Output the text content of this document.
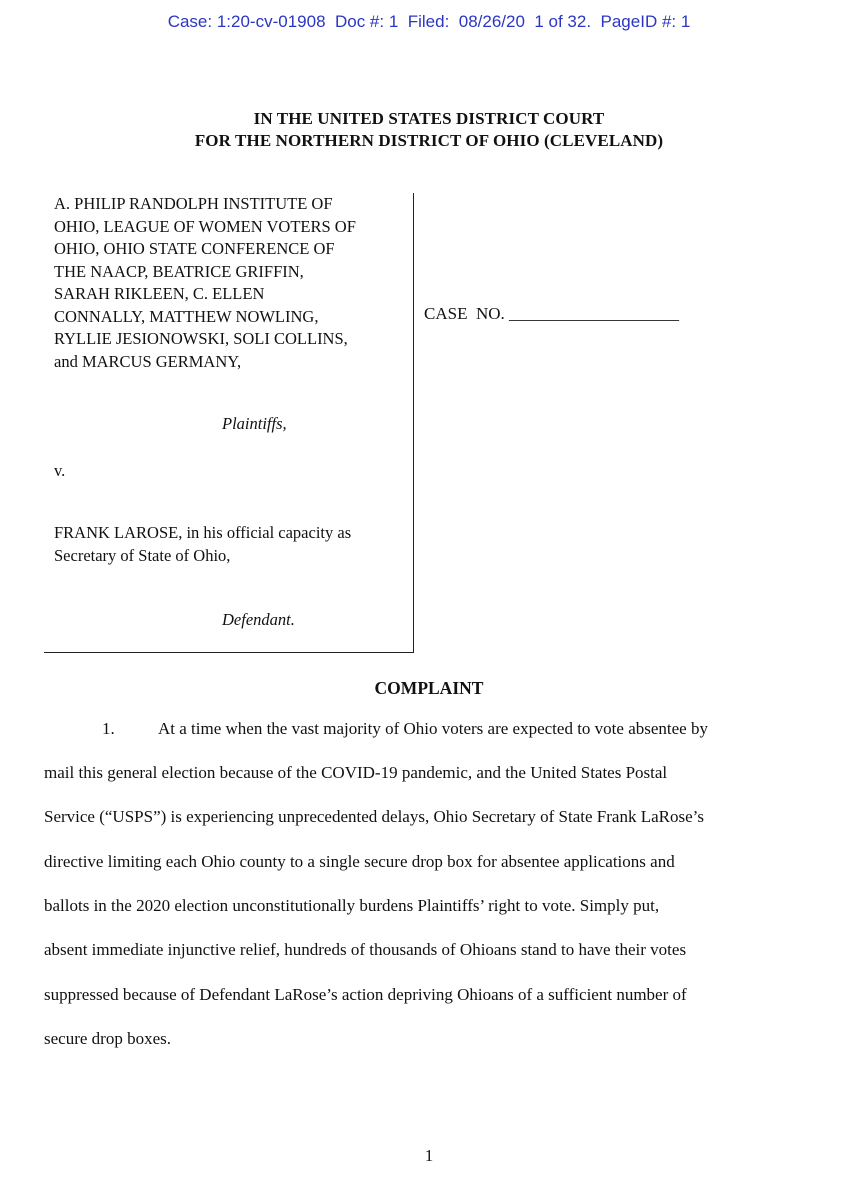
Case: 1:20-cv-01908  Doc #: 1  Filed:  08/26/20  1 of 32.  PageID #: 1
IN THE UNITED STATES DISTRICT COURT
FOR THE NORTHERN DISTRICT OF OHIO (CLEVELAND)
A. PHILIP RANDOLPH INSTITUTE OF
OHIO, LEAGUE OF WOMEN VOTERS OF
OHIO, OHIO STATE CONFERENCE OF
THE NAACP, BEATRICE GRIFFIN,
SARAH RIKLEEN, C. ELLEN
CONNALLY, MATTHEW NOWLING,
RYLLIE JESIONOWSKI, SOLI COLLINS,
and MARCUS GERMANY,
Plaintiffs,
v.
FRANK LAROSE, in his official capacity as
Secretary of State of Ohio,
Defendant.
CASE  NO. ____________________
COMPLAINT
1.	At a time when the vast majority of Ohio voters are expected to vote absentee by
mail this general election because of the COVID-19 pandemic, and the United States Postal
Service (“USPS”) is experiencing unprecedented delays, Ohio Secretary of State Frank LaRose’s
directive limiting each Ohio county to a single secure drop box for absentee applications and
ballots in the 2020 election unconstitutionally burdens Plaintiffs’ right to vote. Simply put,
absent immediate injunctive relief, hundreds of thousands of Ohioans stand to have their votes
suppressed because of Defendant LaRose’s action depriving Ohioans of a sufficient number of
secure drop boxes.
1
